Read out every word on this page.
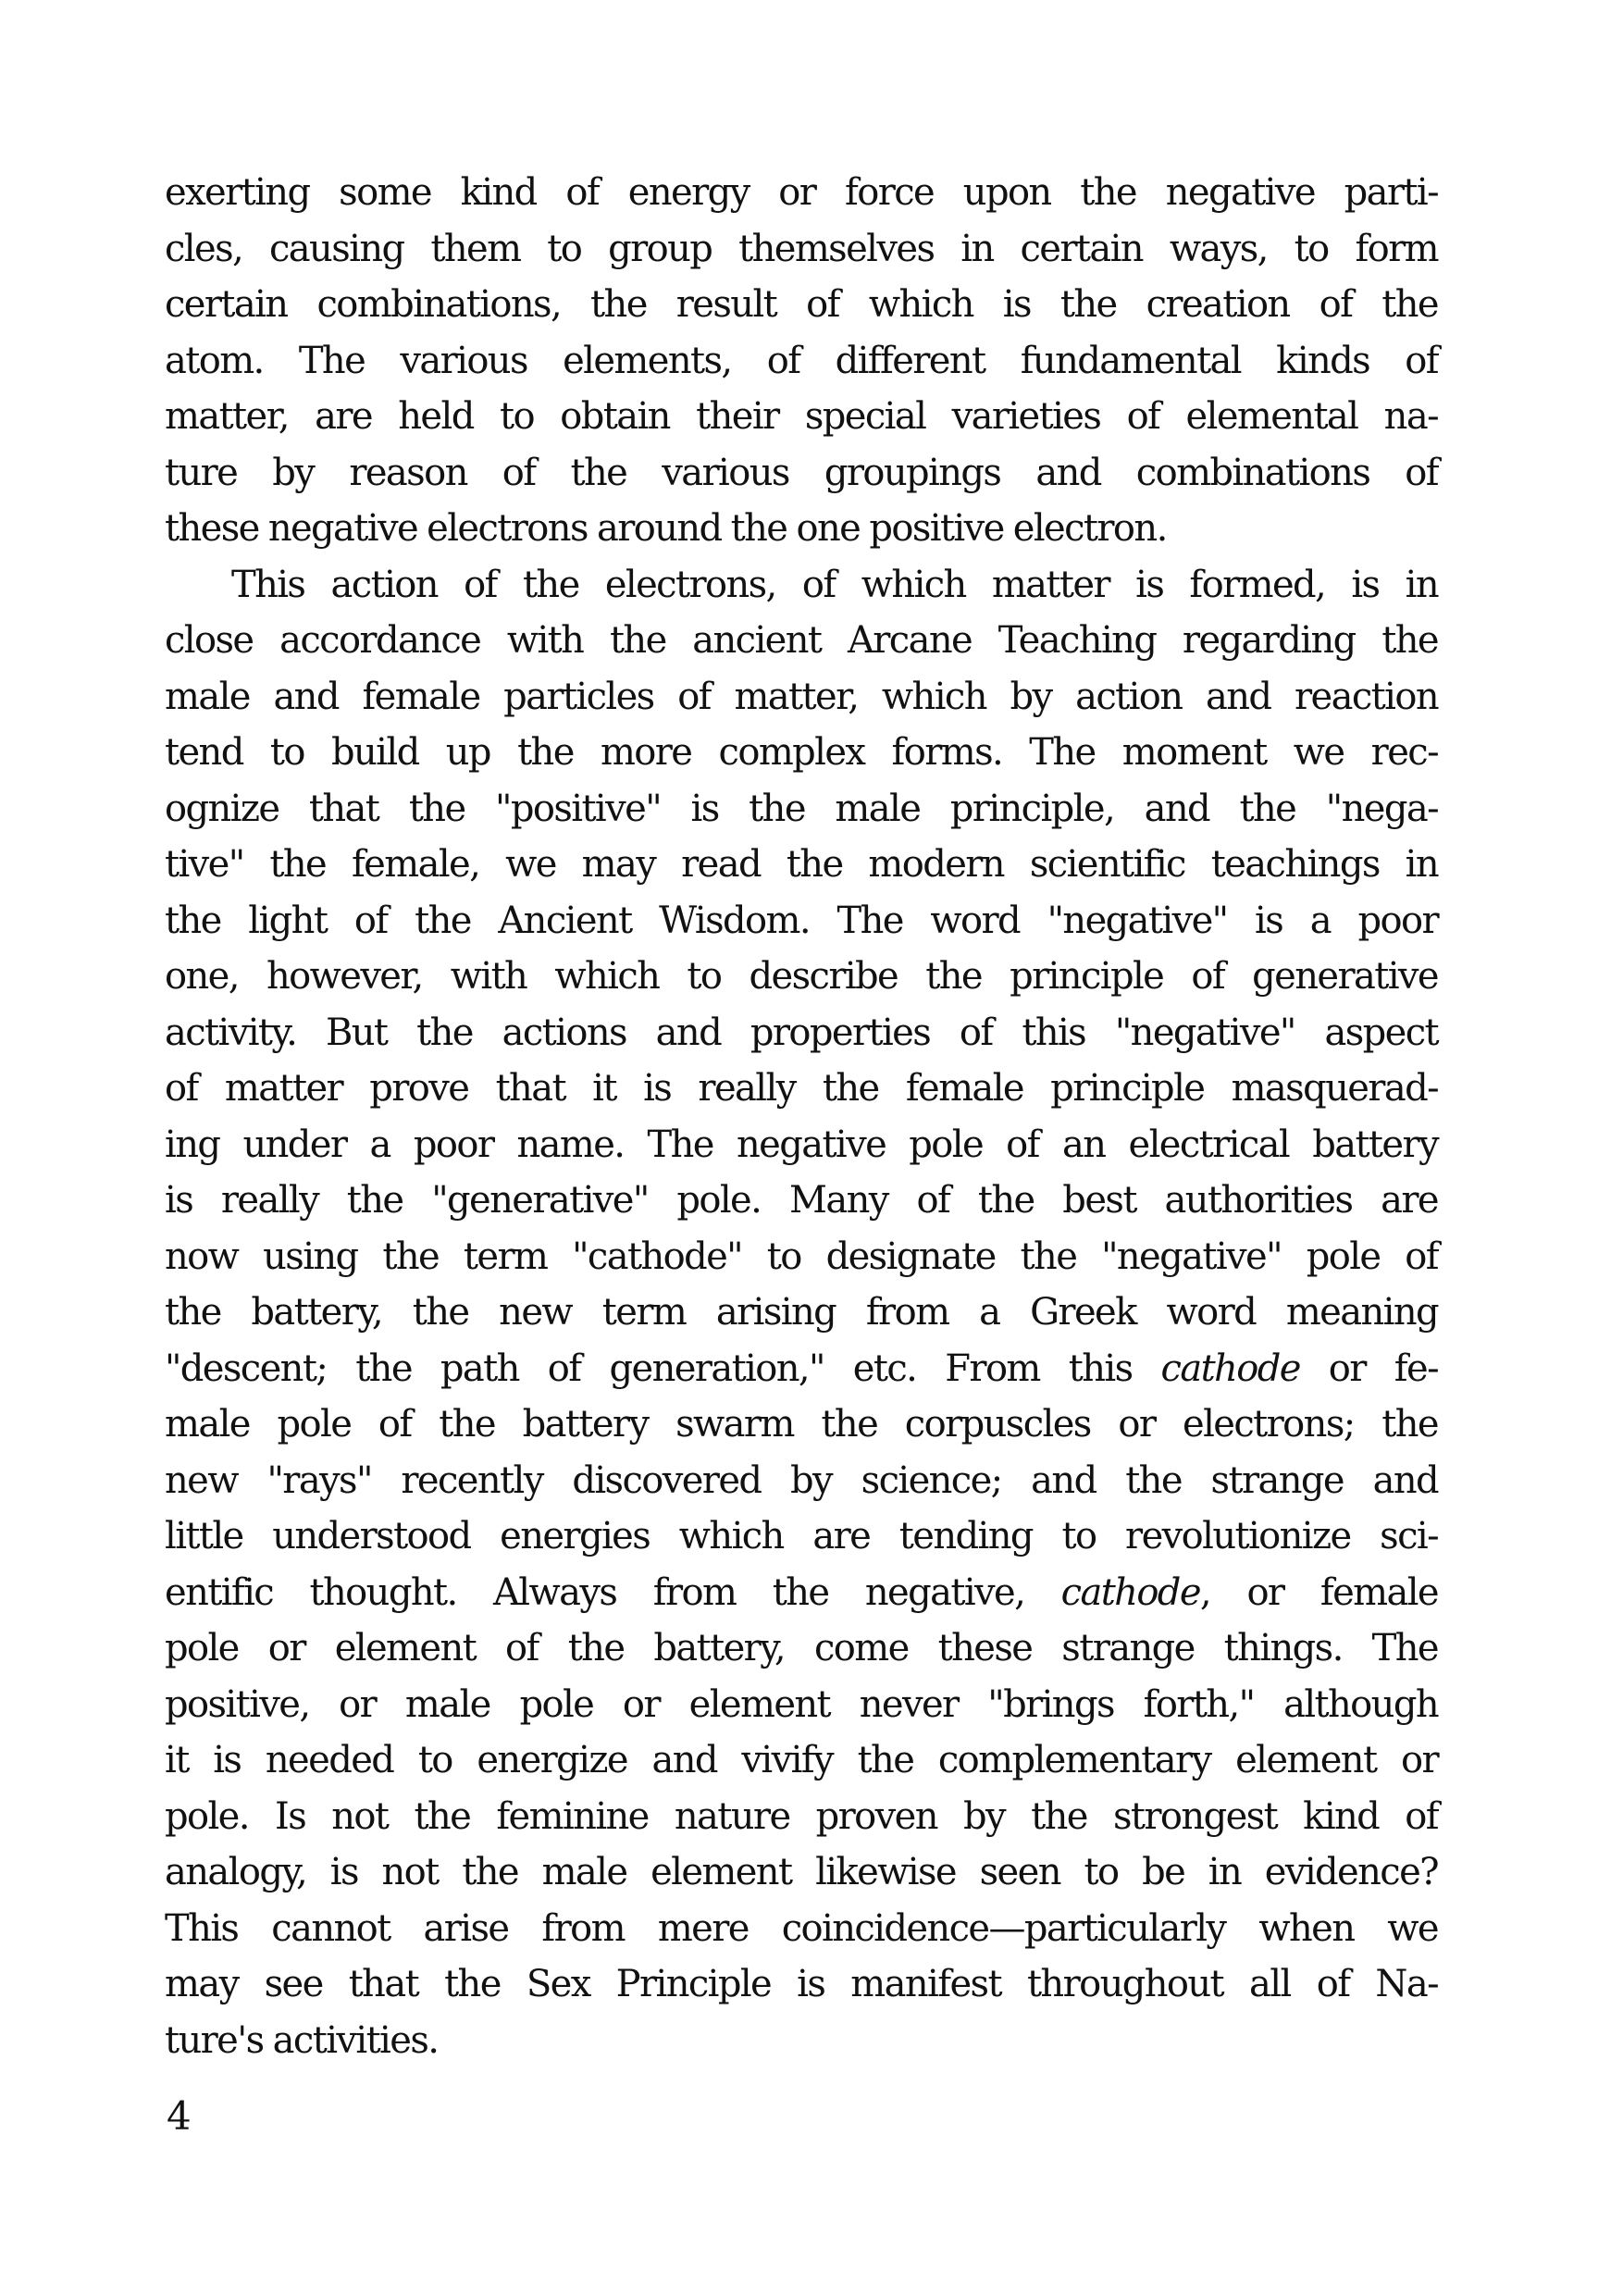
exerting some kind of energy or force upon the negative parti-
cles, causing them to group themselves in certain ways, to form
certain combinations, the result of which is the creation of the
atom. The various elements, of different fundamental kinds of
matter, are held to obtain their special varieties of elemental na-
ture by reason of the various groupings and combinations of
these negative electrons around the one positive electron.
This action of the electrons, of which matter is formed, is in
close accordance with the ancient Arcane Teaching regarding the
male and female particles of matter, which by action and reaction
tend to build up the more complex forms. The moment we rec-
ognize that the "positive" is the male principle, and the "nega-
tive" the female, we may read the modern scientific teachings in
the light of the Ancient Wisdom. The word "negative" is a poor
one, however, with which to describe the principle of generative
activity. But the actions and properties of this "negative" aspect
of matter prove that it is really the female principle masquerad-
ing under a poor name. The negative pole of an electrical battery
is really the "generative" pole. Many of the best authorities are
now using the term "cathode" to designate the "negative" pole of
the battery, the new term arising from a Greek word meaning
"descent; the path of generation," etc. From this cathode or fe-
male pole of the battery swarm the corpuscles or electrons; the
new "rays" recently discovered by science; and the strange and
little understood energies which are tending to revolutionize sci-
entific thought. Always from the negative, cathode, or female
pole or element of the battery, come these strange things. The
positive, or male pole or element never "brings forth," although
it is needed to energize and vivify the complementary element or
pole. Is not the feminine nature proven by the strongest kind of
analogy, is not the male element likewise seen to be in evidence?
This cannot arise from mere coincidence—particularly when we
may see that the Sex Principle is manifest throughout all of Na-
ture's activities.
4
